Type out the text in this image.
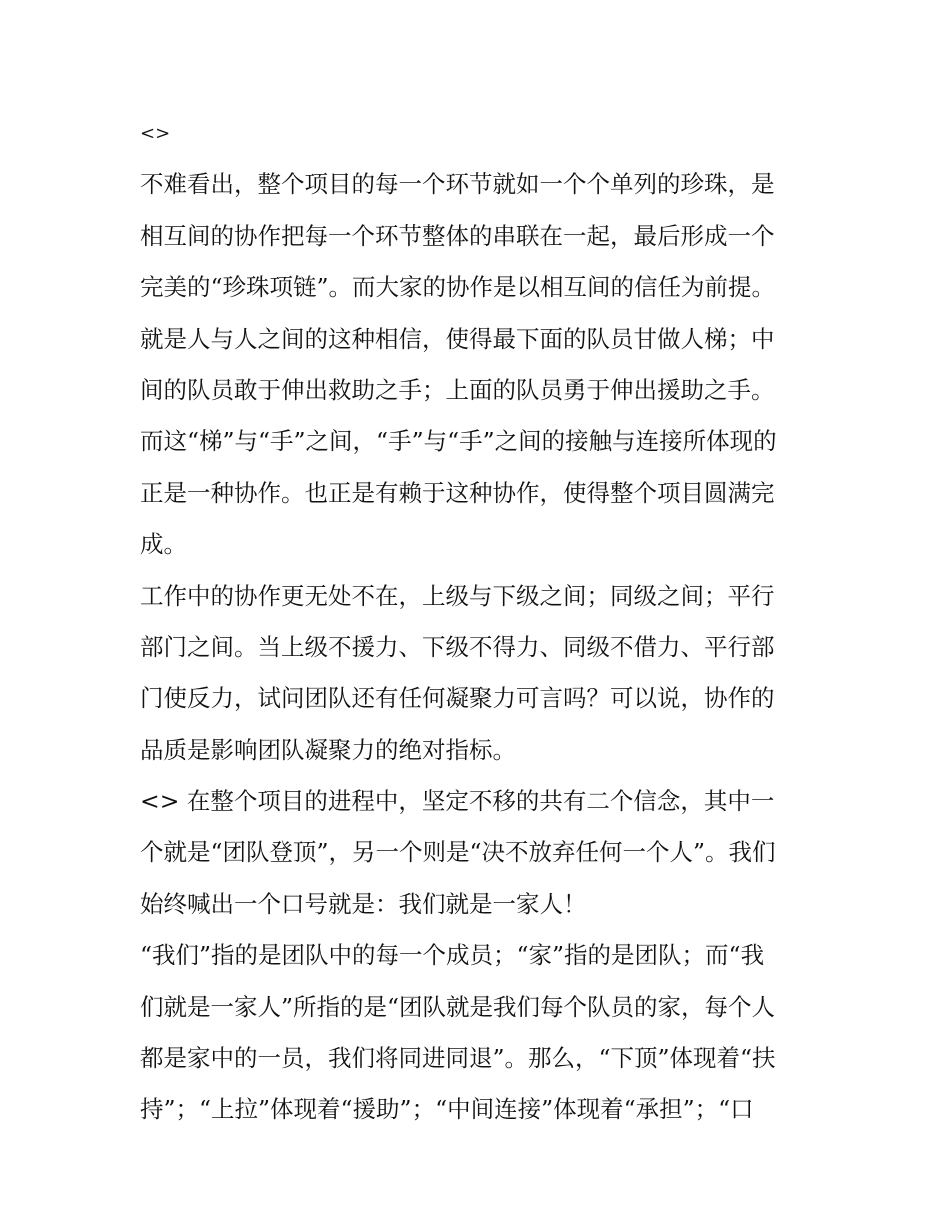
<>
不难看出，整个项目的每一个环节就如一个个单列的珍珠，是
相互间的协作把每一个环节整体的串联在一起，最后形成一个
完美的“珍珠项链”。而大家的协作是以相互间的信任为前提。
就是人与人之间的这种相信，使得最下面的队员甘做人梯；中
间的队员敢于伸出救助之手；上面的队员勇于伸出援助之手。
而这“梯”与“手”之间，“手”与“手”之间的接触与连接所体现的
正是一种协作。也正是有赖于这种协作，使得整个项目圆满完
成。
工作中的协作更无处不在，上级与下级之间；同级之间；平行
部门之间。当上级不援力、下级不得力、同级不借力、平行部
门使反力，试问团队还有任何凝聚力可言吗？可以说，协作的
品质是影响团队凝聚力的绝对指标。
<> 在整个项目的进程中，坚定不移的共有二个信念，其中一
个就是“团队登顶”，另一个则是“决不放弃任何一个人”。我们
始终喊出一个口号就是：我们就是一家人！
“我们”指的是团队中的每一个成员；“家”指的是团队；而“我
们就是一家人”所指的是“团队就是我们每个队员的家，每个人
都是家中的一员，我们将同进同退”。那么，“下顶”体现着“扶
持”；“上拉”体现着“援助”；“中间连接”体现着“承担”；“口
